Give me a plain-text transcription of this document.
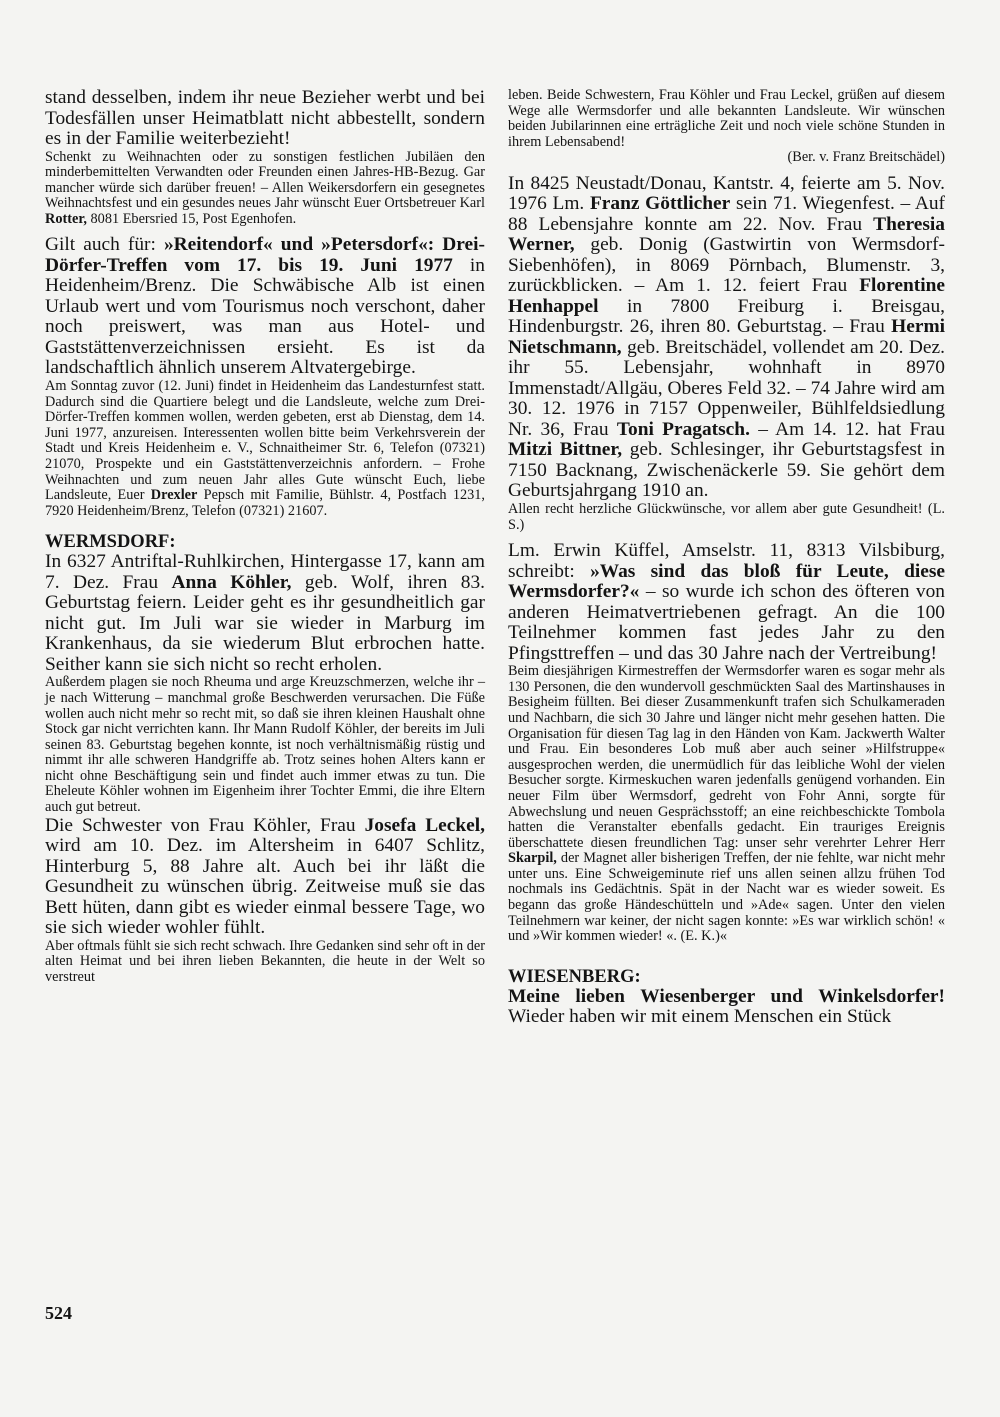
stand desselben, indem ihr neue Bezieher werbt und bei Todesfällen unser Heimatblatt nicht abbestellt, sondern es in der Familie weiterbezieht!

Schenkt zu Weihnachten oder zu sonstigen festlichen Jubiläen den minderbemittelten Verwandten oder Freunden einen Jahres-HB-Bezug. Gar mancher würde sich darüber freuen! – Allen Weikersdorfern ein gesegnetes Weihnachtsfest und ein gesundes neues Jahr wünscht Euer Ortsbetreuer Karl Rotter, 8081 Ebersried 15, Post Egenhofen.

Gilt auch für: »Reitendorf« und »Petersdorf«: Drei-Dörfer-Treffen vom 17. bis 19. Juni 1977 in Heidenheim/Brenz. Die Schwäbische Alb ist einen Urlaub wert und vom Tourismus noch verschont, daher noch preiswert, was man aus Hotel- und Gaststättenverzeichnissen ersieht. Es ist da landschaftlich ähnlich unserem Altvatergebirge.

Am Sonntag zuvor (12. Juni) findet in Heidenheim das Landesturnfest statt. Dadurch sind die Quartiere belegt und die Landsleute, welche zum Drei-Dörfer-Treffen kommen wollen, werden gebeten, erst ab Dienstag, dem 14. Juni 1977, anzureisen. Interessenten wollen bitte beim Verkehrsverein der Stadt und Kreis Heidenheim e. V., Schnaitheimer Str. 6, Telefon (07321) 21070, Prospekte und ein Gaststättenverzeichnis anfordern. – Frohe Weihnachten und zum neuen Jahr alles Gute wünscht Euch, liebe Landsleute, Euer Drexler Pepsch mit Familie, Bühlstr. 4, Postfach 1231, 7920 Heidenheim/Brenz, Telefon (07321) 21607.

WERMSDORF:

In 6327 Antriftal-Ruhlkirchen, Hintergasse 17, kann am 7. Dez. Frau Anna Köhler, geb. Wolf, ihren 83. Geburtstag feiern. Leider geht es ihr gesundheitlich gar nicht gut. Im Juli war sie wieder in Marburg im Krankenhaus, da sie wiederum Blut erbrochen hatte. Seither kann sie sich nicht so recht erholen.

Außerdem plagen sie noch Rheuma und arge Kreuzschmerzen, welche ihr – je nach Witterung – manchmal große Beschwerden verursachen. Die Füße wollen auch nicht mehr so recht mit, so daß sie ihren kleinen Haushalt ohne Stock gar nicht verrichten kann. Ihr Mann Rudolf Köhler, der bereits im Juli seinen 83. Geburtstag begehen konnte, ist noch verhältnismäßig rüstig und nimmt ihr alle schweren Handgriffe ab. Trotz seines hohen Alters kann er nicht ohne Beschäftigung sein und findet auch immer etwas zu tun. Die Eheleute Köhler wohnen im Eigenheim ihrer Tochter Emmi, die ihre Eltern auch gut betreut.

Die Schwester von Frau Köhler, Frau Josefa Leckel, wird am 10. Dez. im Altersheim in 6407 Schlitz, Hinterburg 5, 88 Jahre alt. Auch bei ihr läßt die Gesundheit zu wünschen übrig. Zeitweise muß sie das Bett hüten, dann gibt es wieder einmal bessere Tage, wo sie sich wieder wohler fühlt.

Aber oftmals fühlt sie sich recht schwach. Ihre Gedanken sind sehr oft in der alten Heimat und bei ihren lieben Bekannten, die heute in der Welt so verstreut

leben. Beide Schwestern, Frau Köhler und Frau Leckel, grüßen auf diesem Wege alle Wermsdorfer und alle bekannten Landsleute. Wir wünschen beiden Jubilarinnen eine erträgliche Zeit und noch viele schöne Stunden in ihrem Lebensabend!

(Ber. v. Franz Breitschädel)

In 8425 Neustadt/Donau, Kantstr. 4, feierte am 5. Nov. 1976 Lm. Franz Göttlicher sein 71. Wiegenfest. – Auf 88 Lebensjahre konnte am 22. Nov. Frau Theresia Werner, geb. Donig (Gastwirtin von Wermsdorf-Siebenhöfen), in 8069 Pörnbach, Blumenstr. 3, zurückblicken. – Am 1. 12. feiert Frau Florentine Henhappel in 7800 Freiburg i. Breisgau, Hindenburgstr. 26, ihren 80. Geburtstag. – Frau Hermi Nietschmann, geb. Breitschädel, vollendet am 20. Dez. ihr 55. Lebensjahr, wohnhaft in 8970 Immenstadt/Allgäu, Oberes Feld 32. – 74 Jahre wird am 30. 12. 1976 in 7157 Oppenweiler, Bühlfeldsiedlung Nr. 36, Frau Toni Pragatsch. – Am 14. 12. hat Frau Mitzi Bittner, geb. Schlesinger, ihr Geburtstagsfest in 7150 Backnang, Zwischenäckerle 59. Sie gehört dem Geburtsjahrgang 1910 an.

Allen recht herzliche Glückwünsche, vor allem aber gute Gesundheit! (L. S.)

Lm. Erwin Küffel, Amselstr. 11, 8313 Vilsbiburg, schreibt: »Was sind das bloß für Leute, diese Wermsdorfer?« – so wurde ich schon des öfteren von anderen Heimatvertriebenen gefragt. An die 100 Teilnehmer kommen fast jedes Jahr zu den Pfingsttreffen – und das 30 Jahre nach der Vertreibung!

Beim diesjährigen Kirmestreffen der Wermsdorfer waren es sogar mehr als 130 Personen, die den wundervoll geschmückten Saal des Martinshauses in Besigheim füllten. Bei dieser Zusammenkunft trafen sich Schulkameraden und Nachbarn, die sich 30 Jahre und länger nicht mehr gesehen hatten. Die Organisation für diesen Tag lag in den Händen von Kam. Jackwerth Walter und Frau. Ein besonderes Lob muß aber auch seiner »Hilfstruppe« ausgesprochen werden, die unermüdlich für das leibliche Wohl der vielen Besucher sorgte. Kirmeskuchen waren jedenfalls genügend vorhanden. Ein neuer Film über Wermsdorf, gedreht von Fohr Anni, sorgte für Abwechslung und neuen Gesprächsstoff; an eine reichbeschickte Tombola hatten die Veranstalter ebenfalls gedacht. Ein trauriges Ereignis überschattete diesen freundlichen Tag: unser sehr verehrter Lehrer Herr Skarpil, der Magnet aller bisherigen Treffen, der nie fehlte, war nicht mehr unter uns. Eine Schweigeminute rief uns allen seinen allzu frühen Tod nochmals ins Gedächtnis. Spät in der Nacht war es wieder soweit. Es begann das große Händeschütteln und »Ade« sagen. Unter den vielen Teilnehmern war keiner, der nicht sagen konnte: »Es war wirklich schön! « und »Wir kommen wieder! «. (E. K.)«

WIESENBERG:

Meine lieben Wiesenberger und Winkelsdorfer! Wieder haben wir mit einem Menschen ein Stück

524
